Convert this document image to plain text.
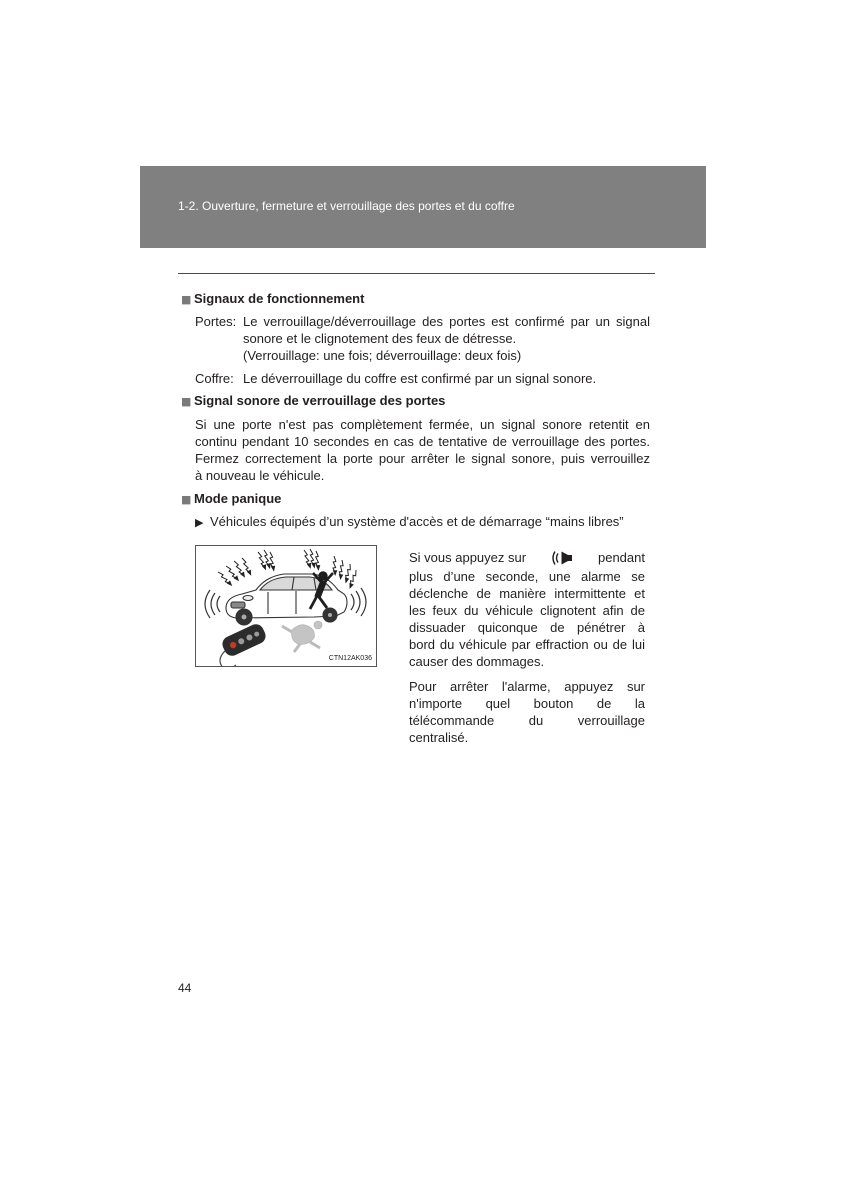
1-2. Ouverture, fermeture et verrouillage des portes et du coffre
■ Signaux de fonctionnement
Portes: Le verrouillage/déverrouillage des portes est confirmé par un signal
sonore et le clignotement des feux de détresse.
(Verrouillage: une fois; déverrouillage: deux fois)
Coffre: Le déverrouillage du coffre est confirmé par un signal sonore.
■ Signal sonore de verrouillage des portes
Si une porte n'est pas complètement fermée, un signal sonore retentit en
continu pendant 10 secondes en cas de tentative de verrouillage des portes.
Fermez correctement la porte pour arrêter le signal sonore, puis verrouillez
à nouveau le véhicule.
■ Mode panique
▶ Véhicules équipés d’un système d'accès et de démarrage “mains libres”
CTN12AK036
Si vous appuyez sur	pendant
plus d’une seconde, une alarme se
déclenche de manière intermittente et
les feux du véhicule clignotent afin de
dissuader quiconque de pénétrer à
bord du véhicule par effraction ou de lui
causer des dommages.
Pour arrêter l'alarme, appuyez sur
n'importe quel bouton de la
télécommande du verrouillage
centralisé.
44
